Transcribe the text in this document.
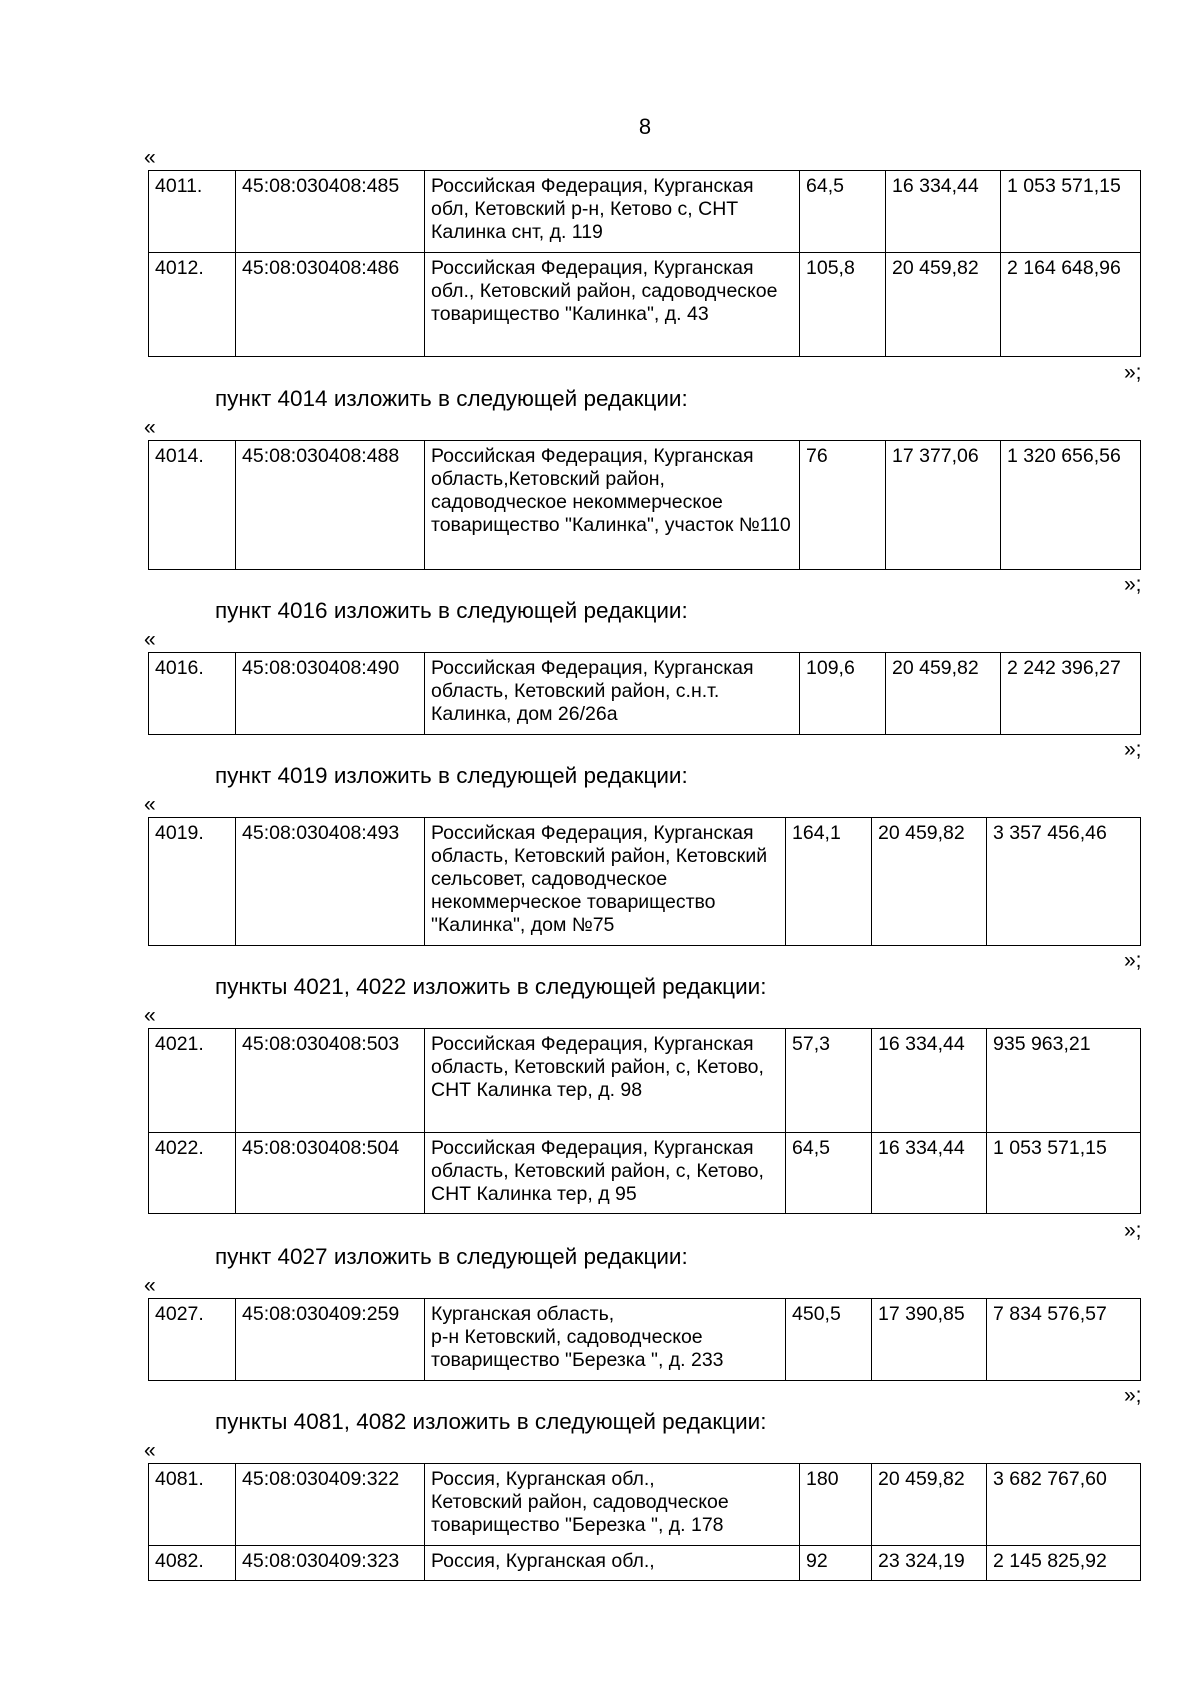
8
«
4011.	45:08:030408:485	Российская Федерация, Курганская обл, Кетовский р-н, Кетово с, СНТ Калинка снт, д. 119	64,5	16 334,44	1 053 571,15
4012.	45:08:030408:486	Российская Федерация, Курганская обл., Кетовский район, садоводческое товарищество "Калинка", д. 43	105,8	20 459,82	2 164 648,96
»;
пункт 4014 изложить в следующей редакции:
«
4014.	45:08:030408:488	Российская Федерация, Курганская область,Кетовский район, садоводческое некоммерческое товарищество "Калинка", участок №110	76	17 377,06	1 320 656,56
»;
пункт 4016 изложить в следующей редакции:
«
4016.	45:08:030408:490	Российская Федерация, Курганская область, Кетовский район, с.н.т. Калинка, дом 26/26а	109,6	20 459,82	2 242 396,27
»;
пункт 4019 изложить в следующей редакции:
«
4019.	45:08:030408:493	Российская Федерация, Курганская область, Кетовский район, Кетовский сельсовет, садоводческое некоммерческое товарищество "Калинка", дом №75	164,1	20 459,82	3 357 456,46
»;
пункты 4021, 4022 изложить в следующей редакции:
«
4021.	45:08:030408:503	Российская Федерация, Курганская область, Кетовский район, с, Кетово, СНТ Калинка тер, д. 98	57,3	16 334,44	935 963,21
4022.	45:08:030408:504	Российская Федерация, Курганская область, Кетовский район, с, Кетово, СНТ Калинка тер, д 95	64,5	16 334,44	1 053 571,15
»;
пункт 4027 изложить в следующей редакции:
«
4027.	45:08:030409:259	Курганская область,
р-н Кетовский, садоводческое товарищество "Березка ", д. 233	450,5	17 390,85	7 834 576,57
»;
пункты 4081, 4082 изложить в следующей редакции:
«
4081.	45:08:030409:322	Россия, Курганская обл.,
Кетовский район, садоводческое товарищество "Березка ", д. 178	180	20 459,82	3 682 767,60
4082.	45:08:030409:323	Россия, Курганская обл.,	92	23 324,19	2 145 825,92
